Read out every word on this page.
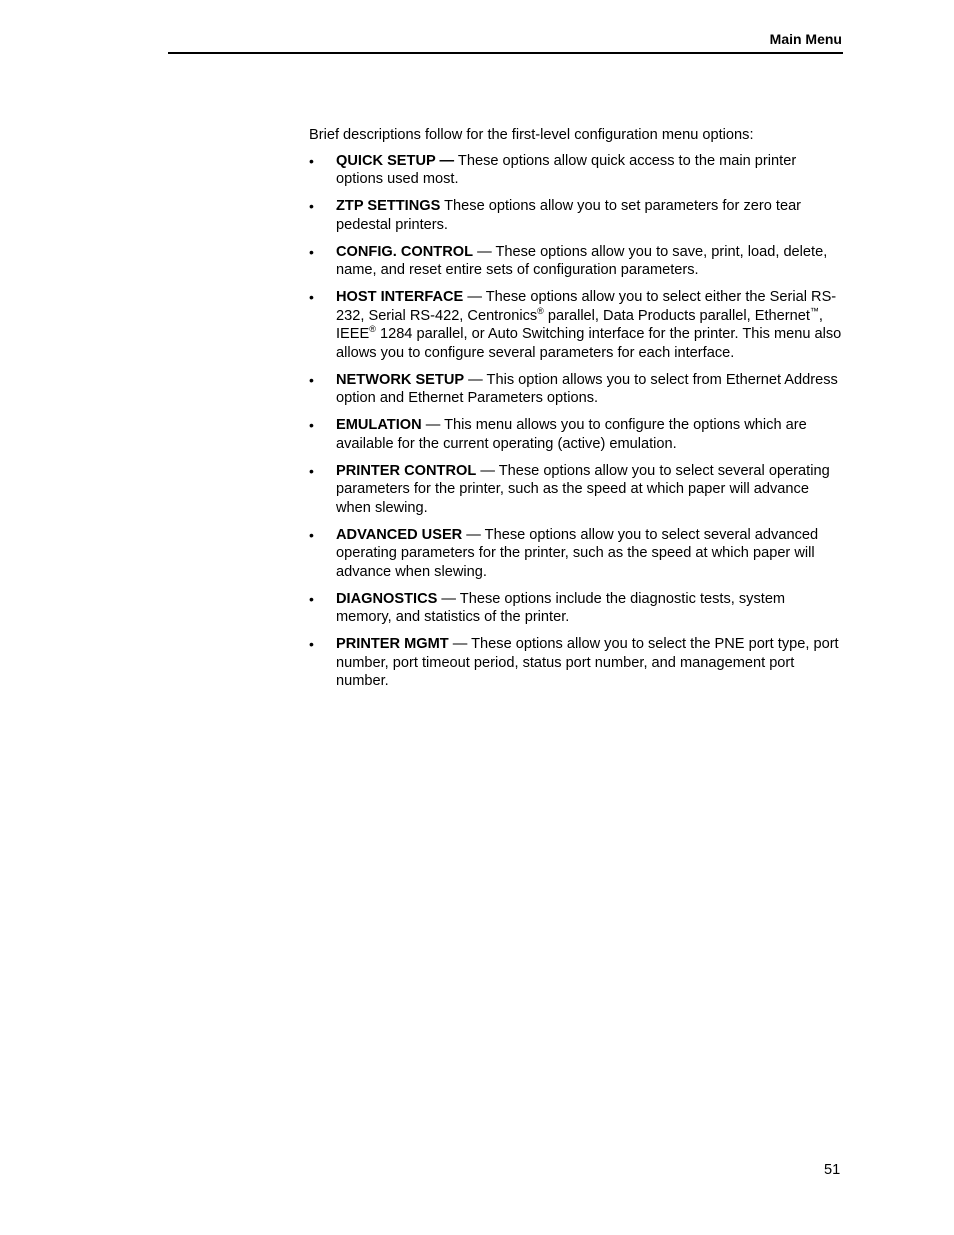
Main Menu

Brief descriptions follow for the first-level configuration menu options:

• QUICK SETUP — These options allow quick access to the main printer options used most.
• ZTP SETTINGS These options allow you to set parameters for zero tear pedestal printers.
• CONFIG. CONTROL — These options allow you to save, print, load, delete, name, and reset entire sets of configuration parameters.
• HOST INTERFACE — These options allow you to select either the Serial RS-232, Serial RS-422, Centronics® parallel, Data Products parallel, Ethernet™, IEEE® 1284 parallel, or Auto Switching interface for the printer. This menu also allows you to configure several parameters for each interface.
• NETWORK SETUP — This option allows you to select from Ethernet Address option and Ethernet Parameters options.
• EMULATION — This menu allows you to configure the options which are available for the current operating (active) emulation.
• PRINTER CONTROL — These options allow you to select several operating parameters for the printer, such as the speed at which paper will advance when slewing.
• ADVANCED USER — These options allow you to select several advanced operating parameters for the printer, such as the speed at which paper will advance when slewing.
• DIAGNOSTICS — These options include the diagnostic tests, system memory, and statistics of the printer.
• PRINTER MGMT — These options allow you to select the PNE port type, port number, port timeout period, status port number, and management port number.
51
